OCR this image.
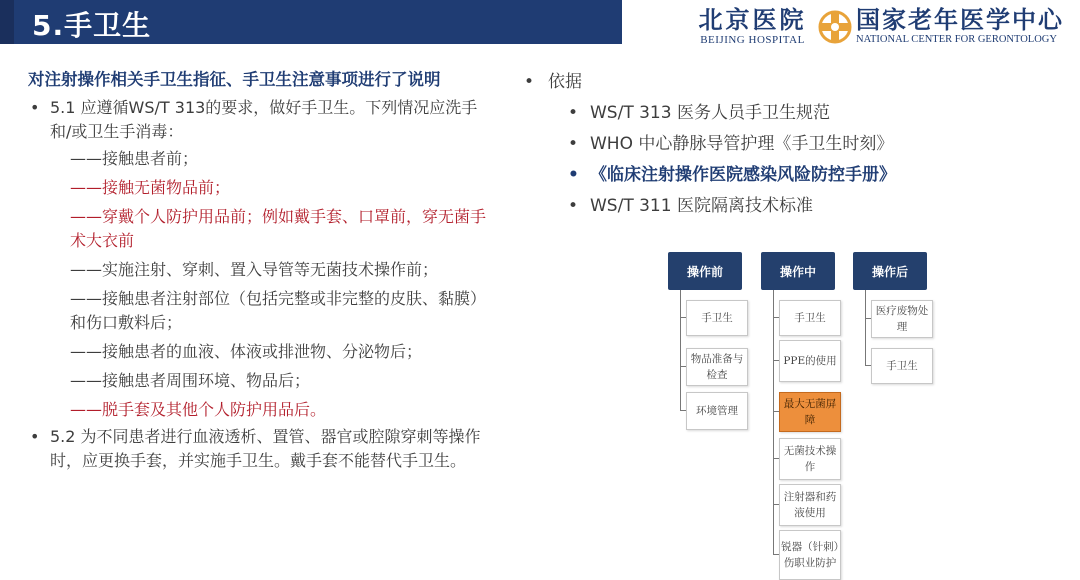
5.手卫生	北京医院
BEIJING HOSPITAL
国家老年医学中心
NATIONAL CENTER FOR GERONTOLOGY
对注射操作相关手卫生指征、手卫生注意事项进行了说明
• 5.1 应遵循WS/T 313的要求，做好手卫生。下列情况应洗手和/或卫生手消毒：
——接触患者前；
——接触无菌物品前；
——穿戴个人防护用品前；例如戴手套、口罩前，穿无菌手术大衣前
——实施注射、穿刺、置入导管等无菌技术操作前；
——接触患者注射部位（包括完整或非完整的皮肤、黏膜）和伤口敷料后；
——接触患者的血液、体液或排泄物、分泌物后；
——接触患者周围环境、物品后；
——脱手套及其他个人防护用品后。
• 5.2 为不同患者进行血液透析、置管、器官或腔隙穿刺等操作时，应更换手套，并实施手卫生。戴手套不能替代手卫生。
• 依据
• WS/T 313 医务人员手卫生规范
• WHO 中心静脉导管护理《手卫生时刻》
• 《临床注射操作医院感染风险防控手册》
• WS/T 311 医院隔离技术标准
操作前	操作中	操作后
手卫生
物品准备与检查
环境管理
手卫生
PPE的使用
最大无菌屏障
无菌技术操作
注射器和药液使用
锐器（针刺）伤职业防护
医疗废物处理
手卫生
